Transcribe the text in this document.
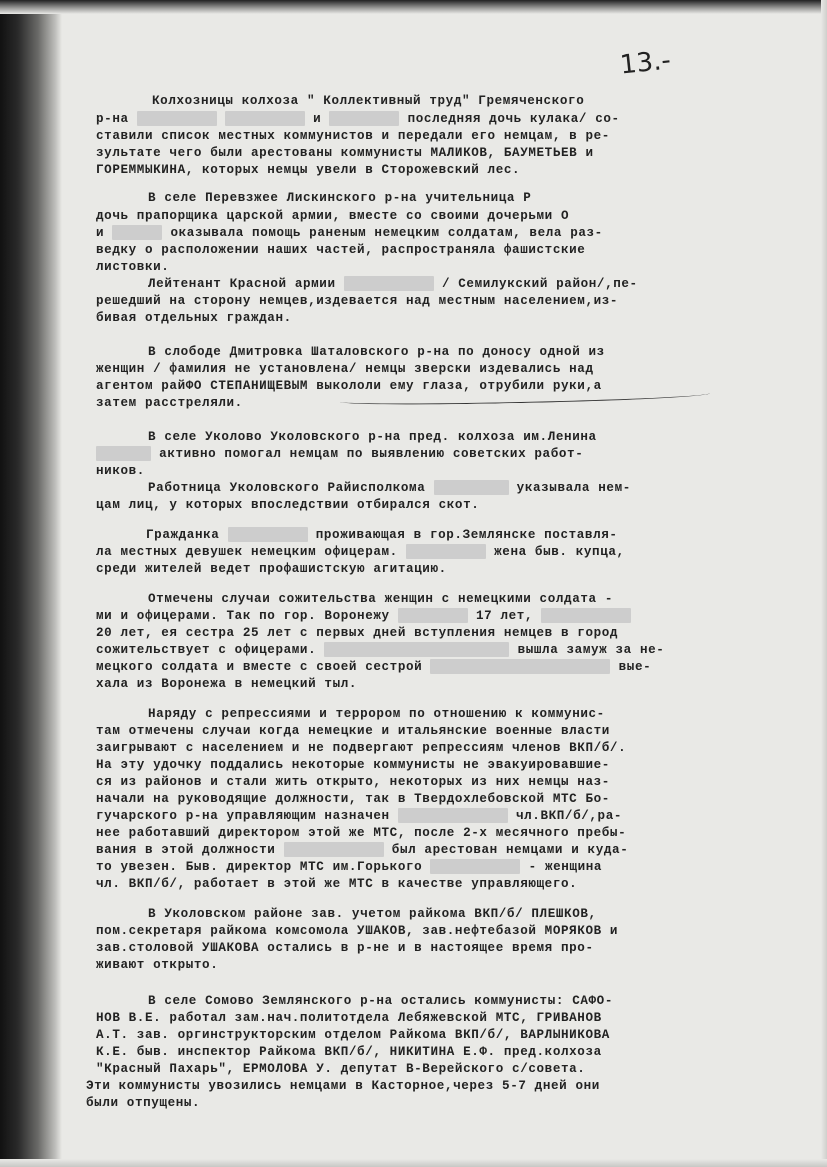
13.-
Колхозницы колхоза " Коллективный труд" Гремяченского
р-на	и	последняя дочь кулака/ со-
ставили список местных коммунистов и передали его немцам, в ре-
зультате чего были арестованы коммунисты МАЛИКОВ, БАУМЕТЬЕВ и
ГОРЕММЫКИНА, которых немцы увели в Сторожевский лес.
В селе Перевзжее Лискинского р-на учительница Р
дочь прапорщика царской армии, вместе со своими дочерьми О
и	оказывала помощь раненым немецким солдатам, вела раз-
ведку о расположении наших частей, распространяла фашистские
листовки.
Лейтенант Красной армии	/ Семилукский район/,пе-
решедший на сторону немцев,издевается над местным населением,из-
бивая отдельных граждан.
В слободе Дмитровка Шаталовского р-на по доносу одной из
женщин / фамилия не установлена/ немцы зверски издевались над
агентом райФО СТЕПАНИЩЕВЫМ выкололи ему глаза, отрубили руки,а
затем расстреляли.
В селе Уколово Уколовского р-на пред. колхоза им.Ленина
активно помогал немцам по выявлению советских работ-
ников.
Работница Уколовского Райисполкома	указывала нем-
цам лиц, у которых впоследствии отбирался скот.
Гражданка	проживающая в гор.Землянске поставля-
ла местных девушек немецким офицерам.	жена быв. купца,
среди жителей ведет профашистскую агитацию.
Отмечены случаи сожительства женщин с немецкими солдата -
ми и офицерами. Так по гор. Воронежу	17 лет,
20 лет, ея сестра 25 лет с первых дней вступления немцев в город
сожительствует с офицерами.	вышла замуж за не-
мецкого солдата и вместе с своей сестрой	вые-
хала из Воронежа в немецкий тыл.
Наряду с репрессиями и террором по отношению к коммунис-
там отмечены случаи когда немецкие и итальянские военные власти
заигрывают с населением и не подвергают репрессиям членов ВКП/б/.
На эту удочку поддались некоторые коммунисты не эвакуировавшие-
ся из районов и стали жить открыто, некоторых из них немцы наз-
начали на руководящие должности, так в Твердохлебовской МТС Бо-
гучарского р-на управляющим назначен	чл.ВКП/б/,ра-
нее работавший директором этой же МТС, после 2-х месячного пребы-
вания в этой должности	был арестован немцами и куда-
то увезен. Быв. директор МТС им.Горького	- женщина
чл. ВКП/б/, работает в этой же МТС в качестве управляющего.
В Уколовском районе зав. учетом райкома ВКП/б/ ПЛЕШКОВ,
пом.секретаря райкома комсомола УШАКОВ, зав.нефтебазой МОРЯКОВ и
зав.столовой УШАКОВА остались в р-не и в настоящее время про-
живают открыто.
В селе Сомово Землянского р-на остались коммунисты: САФО-
НОВ В.Е. работал зам.нач.политотдела Лебяжевской МТС, ГРИВАНОВ
А.Т. зав. оргинструкторским отделом Райкома ВКП/б/, ВАРЛЫНИКОВА
К.Е. быв. инспектор Райкома ВКП/б/, НИКИТИНА Е.Ф. пред.колхоза
"Красный Пахарь", ЕРМОЛОВА У. депутат В-Верейского с/совета.
Эти коммунисты увозились немцами в Касторное,через 5-7 дней они
были отпущены.
